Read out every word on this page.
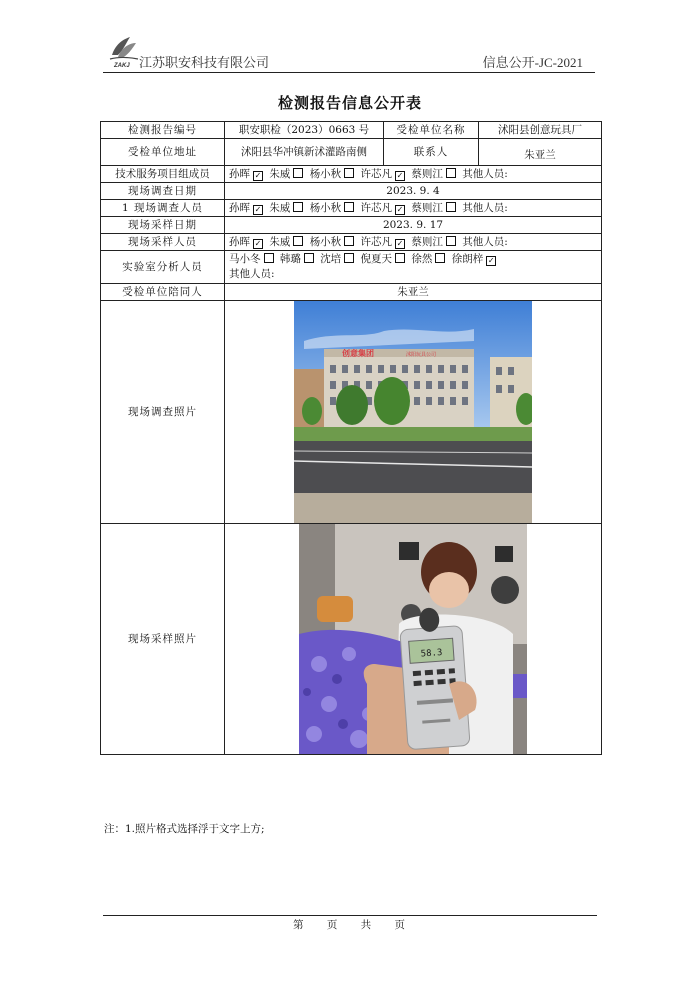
ZAKJ 江苏职安科技有限公司	信息公开-JC-2021
检测报告信息公开表
检测报告编号	职安职检（2023）0663 号	受检单位名称	沭阳县创意玩具厂
受检单位地址	沭阳县华冲镇新沭灌路南侧	联系人	朱亚兰
技术服务项目组成员	孙晖 ✓ 朱威 杨小秋 许芯凡 ✓ 蔡则江 其他人员:		
现场调查日期	2023. 9. 4		
1 现场调查人员	孙晖 ✓ 朱威 杨小秋 许芯凡 ✓ 蔡则江 其他人员:		
现场采样日期	2023. 9. 17		
现场采样人员	孙晖 ✓ 朱威 杨小秋 许芯凡 ✓ 蔡则江 其他人员:		
实验室分析人员	马小冬 韩璐 沈培 倪夏天 徐然 徐朗梓 ✓
其他人员:		
受检单位陪同人	朱亚兰		
现场调查照片	创意集团 沭阳玩具公司		

现场采样照片	58.3		
注：1.照片格式选择浮于文字上方;
第 页 共 页
